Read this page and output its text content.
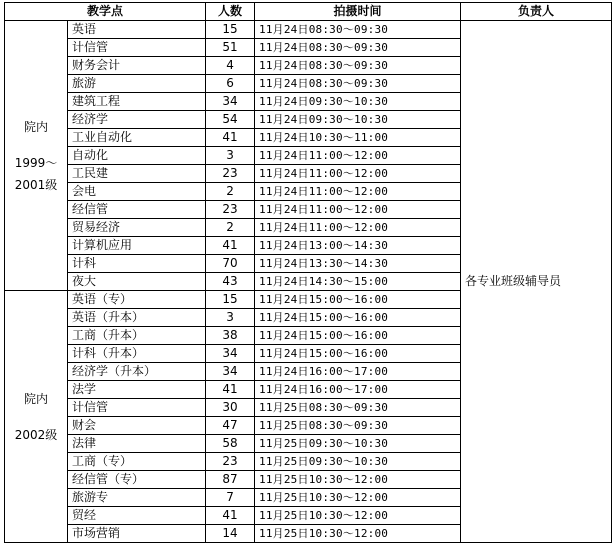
教学点		人数	拍摄时间	负责人

院内
1999～
2001级	英语	15	11月24日08:30～09:30	各专业班级辅导员
	计信管	51	11月24日08:30～09:30	
	财务会计	4	11月24日08:30～09:30	
	旅游	6	11月24日08:30～09:30	
	建筑工程	34	11月24日09:30～10:30	
	经济学	54	11月24日09:30～10:30	
	工业自动化	41	11月24日10:30～11:00	
	自动化	3	11月24日11:00～12:00	
	工民建	23	11月24日11:00～12:00	
	会电	2	11月24日11:00～12:00	
	经信管	23	11月24日11:00～12:00	
	贸易经济	2	11月24日11:00～12:00	
	计算机应用	41	11月24日13:00～14:30	
	计科	70	11月24日13:30～14:30	
	夜大	43	11月24日14:30～15:00	

院内
2002级	英语（专）	15	11月24日15:00～16:00	
	英语（升本）	3	11月24日15:00～16:00	
	工商（升本）	38	11月24日15:00～16:00	
	计科（升本）	34	11月24日15:00～16:00	
	经济学（升本）	34	11月24日16:00～17:00	
	法学	41	11月24日16:00～17:00	
	计信管	30	11月25日08:30～09:30	
	财会	47	11月25日08:30～09:30	
	法律	58	11月25日09:30～10:30	
	工商（专）	23	11月25日09:30～10:30	
	经信管（专）	87	11月25日10:30～12:00	
	旅游专	7	11月25日10:30～12:00	
	贸经	41	11月25日10:30～12:00	
	市场营销	14	11月25日10:30～12:00	
